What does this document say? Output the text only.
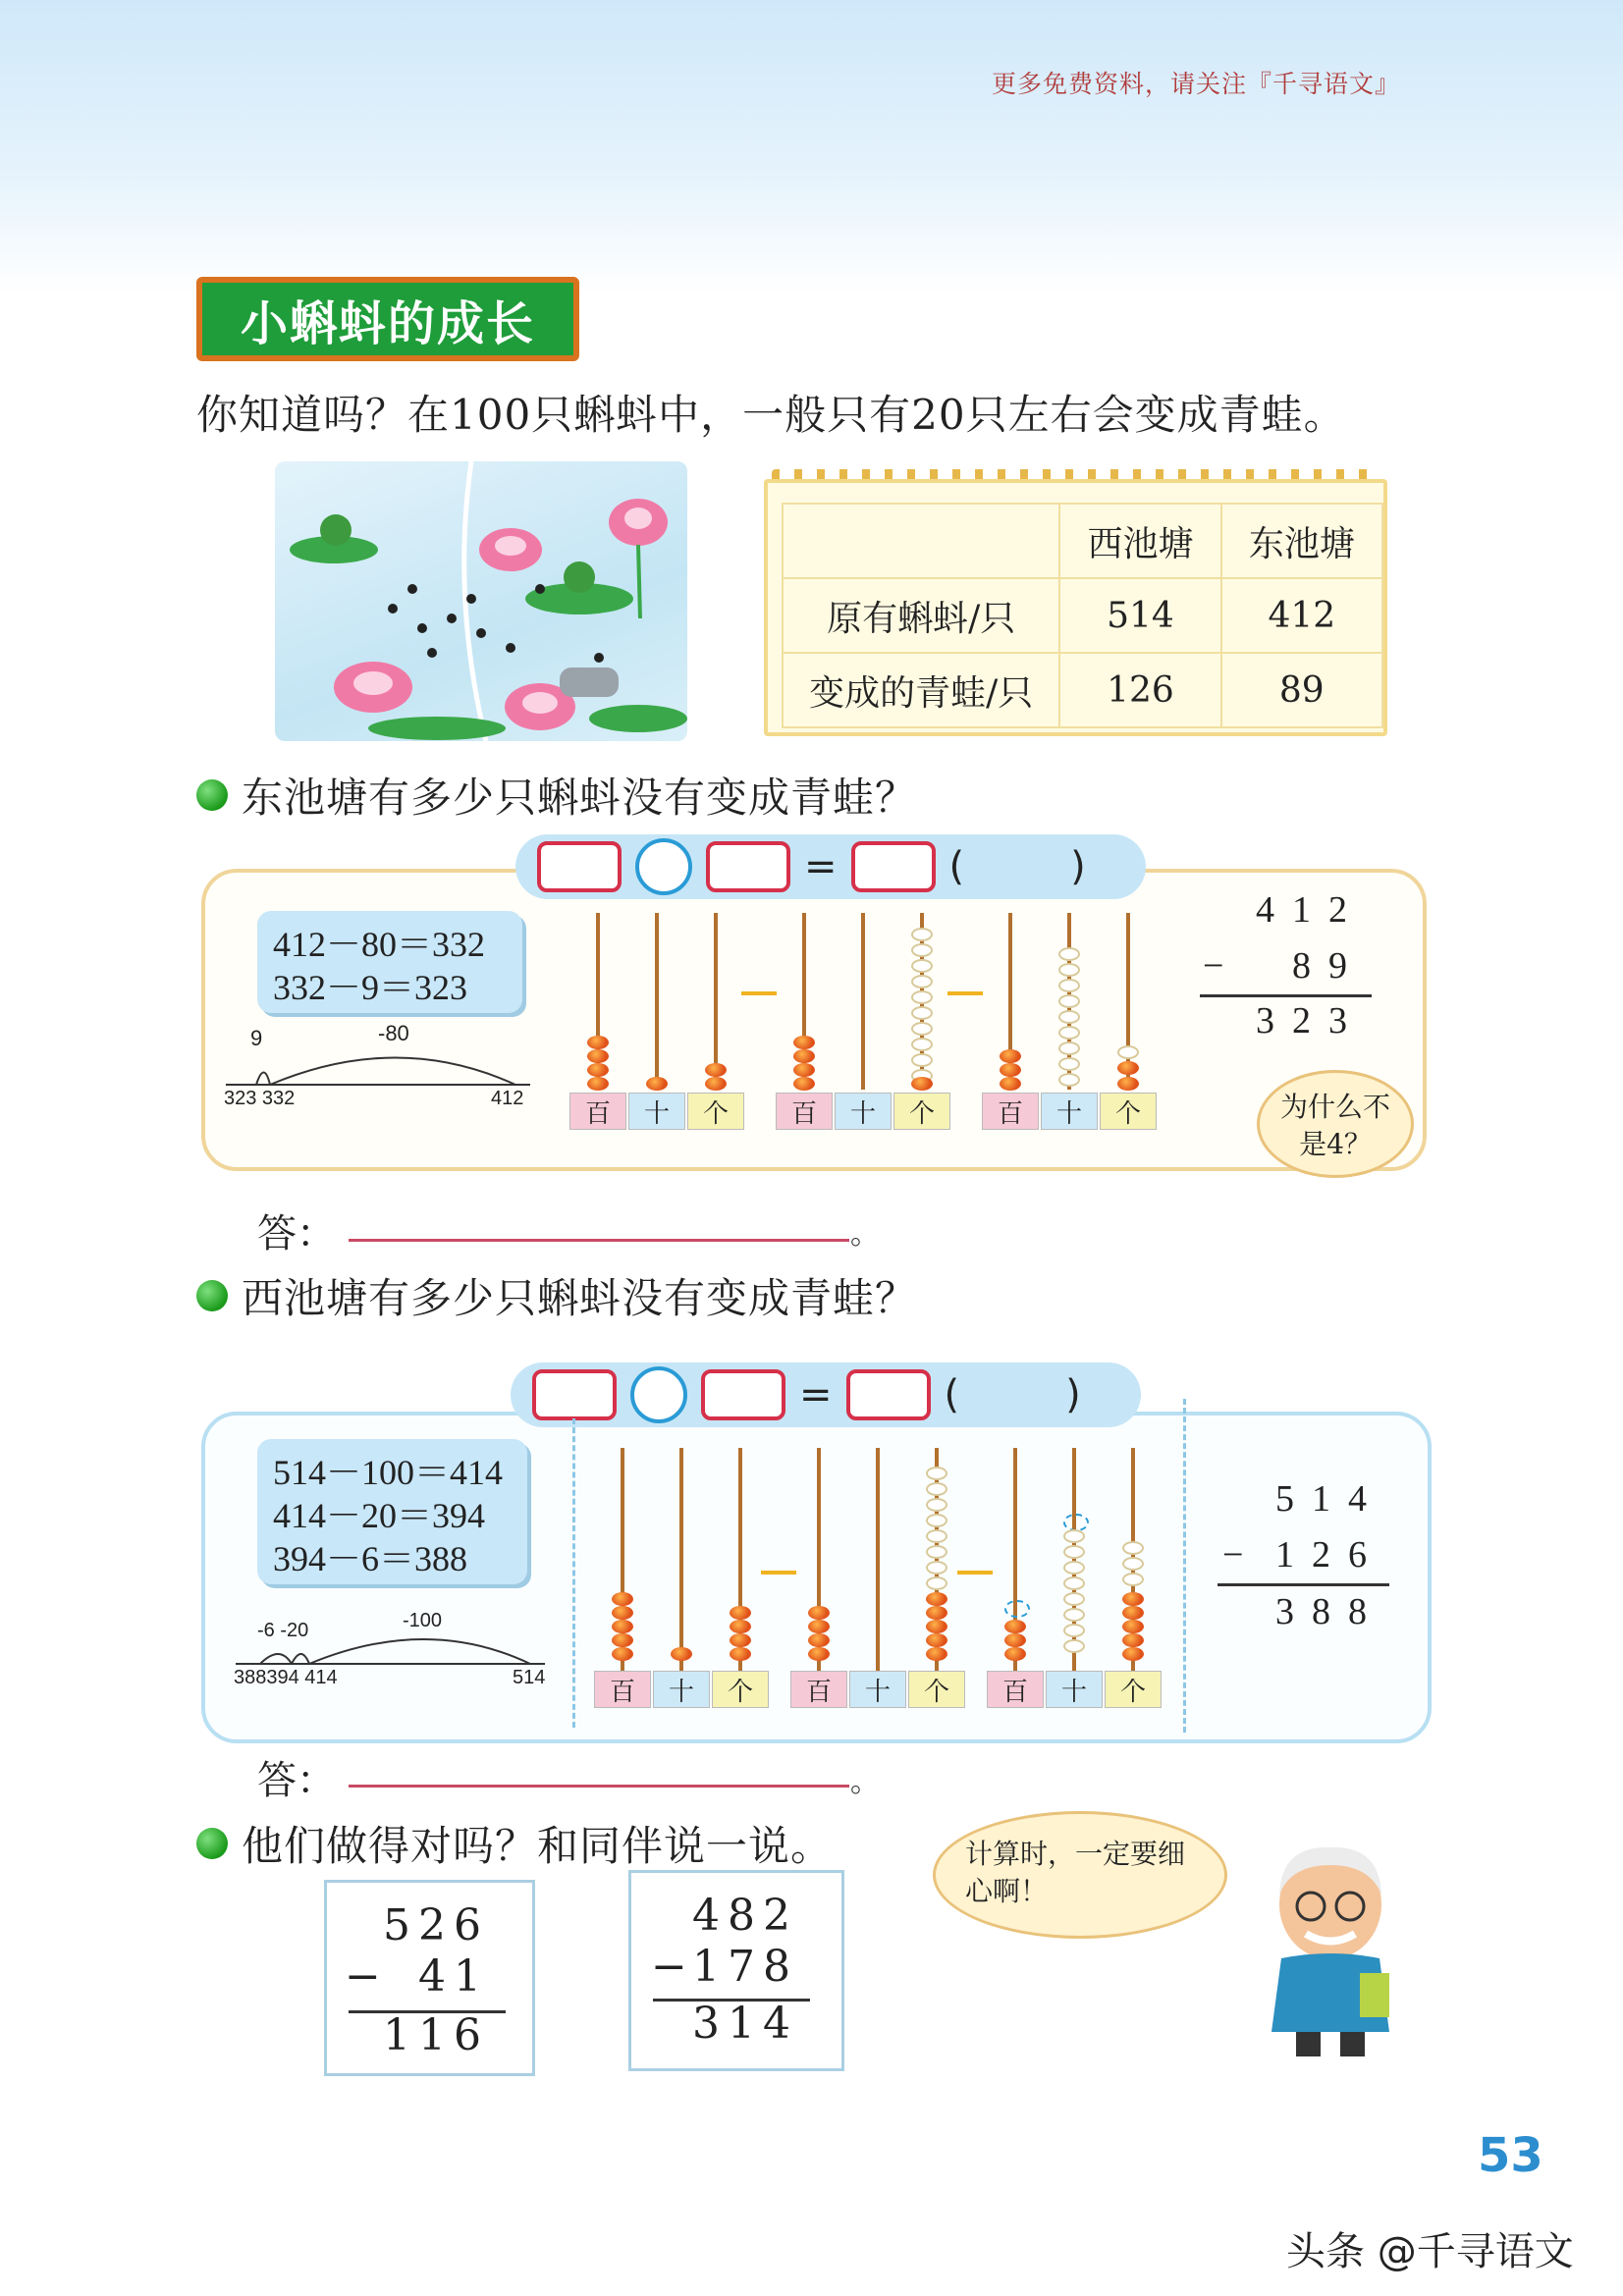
更多免费资料，请关注『千寻语文』
小蝌蚪的成长
你知道吗？在100只蝌蚪中，一般只有20只左右会变成青蛙。
	西池塘	东池塘
原有蝌蚪/只	514	412
变成的青蛙/只	126	89
东池塘有多少只蝌蚪没有变成青蛙？
=	(	)
412－80＝332
332－9＝323
9	-80
323 332	412
百	十	个	百	十	个	百	十	个
412
−	89
323
为什么不是4？
答：	。
西池塘有多少只蝌蚪没有变成青蛙？
=	(	)
514－100＝414
414－20＝394
394－6＝388
-6 -20	-100
388394 414	514	百	十	个	百	十	个	百	十	个
514
− 126
388
答：	。
他们做得对吗？和同伴说一说。
526
− 41
116
482
−
178
314
计算时，一定要细心啊！
53
头条 @千寻语文
